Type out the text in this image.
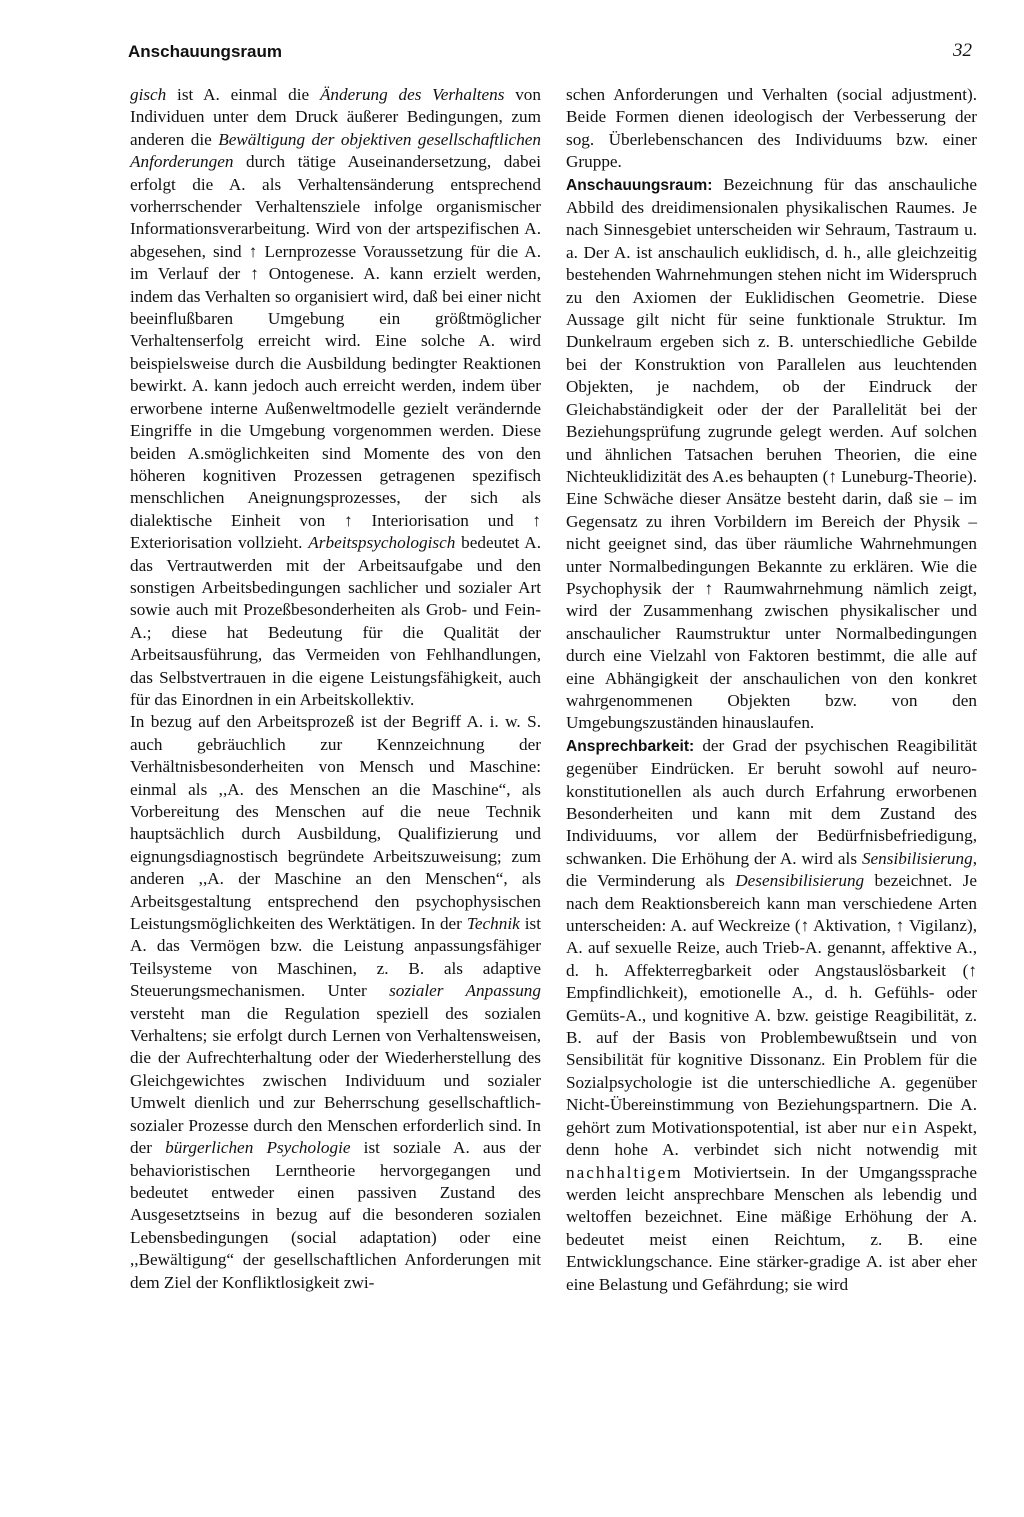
Anschauungsraum	32

gisch ist A. einmal die Änderung des Verhaltens von Individuen unter dem Druck äußerer Bedingungen, zum anderen die Bewältigung der objektiven gesellschaftlichen Anforderungen durch tätige Auseinandersetzung, dabei erfolgt die A. als Verhaltensänderung entsprechend vorherrschender Verhaltensziele infolge organismischer Informationsverarbeitung. Wird von der artspezifischen A. abgesehen, sind ↑ Lernprozesse Voraussetzung für die A. im Verlauf der ↑ Ontogenese. A. kann erzielt werden, indem das Verhalten so organisiert wird, daß bei einer nicht beeinflußbaren Umgebung ein größtmöglicher Verhaltenserfolg erreicht wird. Eine solche A. wird beispielsweise durch die Ausbildung bedingter Reaktionen bewirkt. A. kann jedoch auch erreicht werden, indem über erworbene interne Außenweltmodelle gezielt verändernde Eingriffe in die Umgebung vorgenommen werden. Diese beiden A.smöglichkeiten sind Momente des von den höheren kognitiven Prozessen getragenen spezifisch menschlichen Aneignungsprozesses, der sich als dialektische Einheit von ↑ Interiorisation und ↑ Exteriorisation vollzieht. Arbeitspsychologisch bedeutet A. das Vertrautwerden mit der Arbeitsaufgabe und den sonstigen Arbeitsbedingungen sachlicher und sozialer Art sowie auch mit Prozeßbesonderheiten als Grob- und Fein-A.; diese hat Bedeutung für die Qualität der Arbeitsausführung, das Vermeiden von Fehlhandlungen, das Selbstvertrauen in die eigene Leistungsfähigkeit, auch für das Einordnen in ein Arbeitskollektiv.

In bezug auf den Arbeitsprozeß ist der Begriff A. i. w. S. auch gebräuchlich zur Kennzeichnung der Verhältnisbesonderheiten von Mensch und Maschine: einmal als ,,A. des Menschen an die Maschine“, als Vorbereitung des Menschen auf die neue Technik hauptsächlich durch Ausbildung, Qualifizierung und eignungsdiagnostisch begründete Arbeitszuweisung; zum anderen ,,A. der Maschine an den Menschen“, als Arbeitsgestaltung entsprechend den psychophysischen Leistungsmöglichkeiten des Werktätigen. In der Technik ist A. das Vermögen bzw. die Leistung anpassungsfähiger Teilsysteme von Maschinen, z. B. als adaptive Steuerungsmechanismen. Unter sozialer Anpassung versteht man die Regulation speziell des sozialen Verhaltens; sie erfolgt durch Lernen von Verhaltensweisen, die der Aufrechterhaltung oder der Wiederherstellung des Gleichgewichtes zwischen Individuum und sozialer Umwelt dienlich und zur Beherrschung gesellschaftlich-sozialer Prozesse durch den Menschen erforderlich sind. In der bürgerlichen Psychologie ist soziale A. aus der behavioristischen Lerntheorie hervorgegangen und bedeutet entweder einen passiven Zustand des Ausgesetztseins in bezug auf die besonderen sozialen Lebensbedingungen (social adaptation) oder eine ,,Bewältigung“ der gesellschaftlichen Anforderungen mit dem Ziel der Konfliktlosigkeit zwi-

schen Anforderungen und Verhalten (social adjustment). Beide Formen dienen ideologisch der Verbesserung der sog. Überlebenschancen des Individuums bzw. einer Gruppe.

Anschauungsraum: Bezeichnung für das anschauliche Abbild des dreidimensionalen physikalischen Raumes. Je nach Sinnesgebiet unterscheiden wir Sehraum, Tastraum u. a. Der A. ist anschaulich euklidisch, d. h., alle gleichzeitig bestehenden Wahrnehmungen stehen nicht im Widerspruch zu den Axiomen der Euklidischen Geometrie. Diese Aussage gilt nicht für seine funktionale Struktur. Im Dunkelraum ergeben sich z. B. unterschiedliche Gebilde bei der Konstruktion von Parallelen aus leuchtenden Objekten, je nachdem, ob der Eindruck der Gleichabständigkeit oder der der Parallelität bei der Beziehungsprüfung zugrunde gelegt werden. Auf solchen und ähnlichen Tatsachen beruhen Theorien, die eine Nichteuklidizität des A.es behaupten (↑ Luneburg-Theorie). Eine Schwäche dieser Ansätze besteht darin, daß sie – im Gegensatz zu ihren Vorbildern im Bereich der Physik – nicht geeignet sind, das über räumliche Wahrnehmungen unter Normalbedingungen Bekannte zu erklären. Wie die Psychophysik der ↑ Raumwahrnehmung nämlich zeigt, wird der Zusammenhang zwischen physikalischer und anschaulicher Raumstruktur unter Normalbedingungen durch eine Vielzahl von Faktoren bestimmt, die alle auf eine Abhängigkeit der anschaulichen von den konkret wahrgenommenen Objekten bzw. von den Umgebungszuständen hinauslaufen.

Ansprechbarkeit: der Grad der psychischen Reagibilität gegenüber Eindrücken. Er beruht sowohl auf neuro-konstitutionellen als auch durch Erfahrung erworbenen Besonderheiten und kann mit dem Zustand des Individuums, vor allem der Bedürfnisbefriedigung, schwanken. Die Erhöhung der A. wird als Sensibilisierung, die Verminderung als Desensibilisierung bezeichnet. Je nach dem Reaktionsbereich kann man verschiedene Arten unterscheiden: A. auf Weckreize (↑ Aktivation, ↑ Vigilanz), A. auf sexuelle Reize, auch Trieb-A. genannt, affektive A., d. h. Affekterregbarkeit oder Angstauslösbarkeit (↑ Empfindlichkeit), emotionelle A., d. h. Gefühls- oder Gemüts-A., und kognitive A. bzw. geistige Reagibilität, z. B. auf der Basis von Problembewußtsein und von Sensibilität für kognitive Dissonanz. Ein Problem für die Sozialpsychologie ist die unterschiedliche A. gegenüber Nicht-Übereinstimmung von Beziehungspartnern. Die A. gehört zum Motivationspotential, ist aber nur ein Aspekt, denn hohe A. verbindet sich nicht notwendig mit nachhaltigem Motiviertsein. In der Umgangssprache werden leicht ansprechbare Menschen als lebendig und weltoffen bezeichnet. Eine mäßige Erhöhung der A. bedeutet meist einen Reichtum, z. B. eine Entwicklungschance. Eine stärker-gradige A. ist aber eher eine Belastung und Gefährdung; sie wird
